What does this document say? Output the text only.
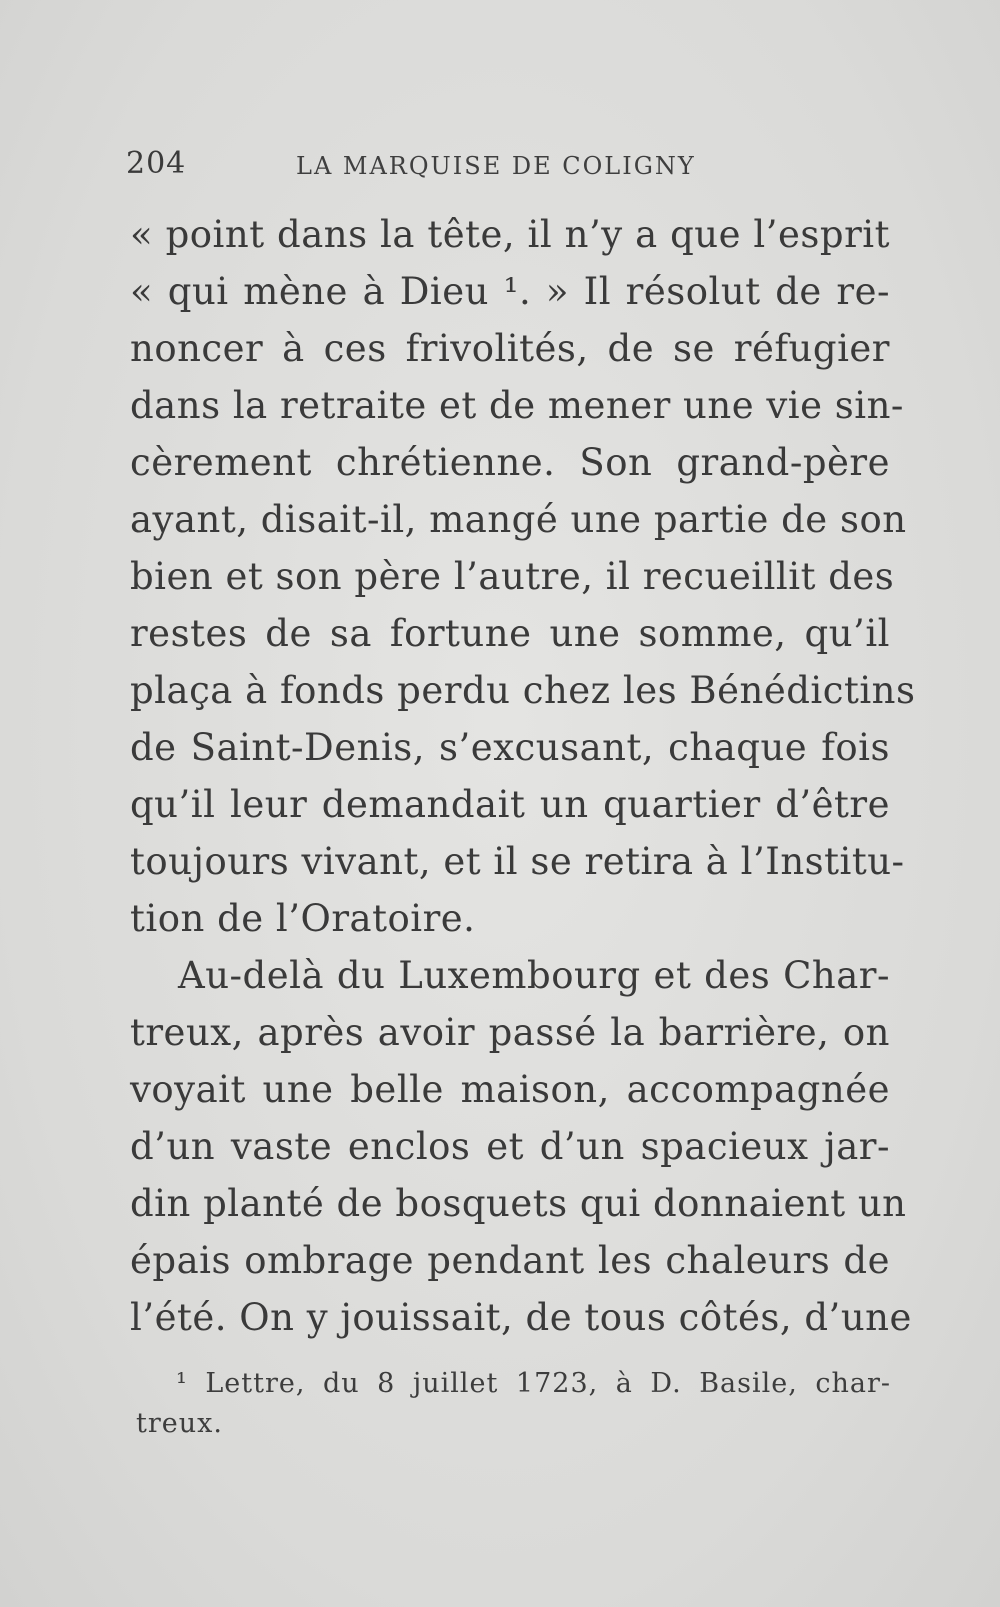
204	LA MARQUISE DE COLIGNY
« point dans la tête, il n’y a que l’esprit
« qui mène à Dieu ¹. » Il résolut de re-
noncer à ces frivolités, de se réfugier
dans la retraite et de mener une vie sin-
cèrement chrétienne. Son grand-père
ayant, disait-il, mangé une partie de son
bien et son père l’autre, il recueillit des
restes de sa fortune une somme, qu’il
plaça à fonds perdu chez les Bénédictins
de Saint-Denis, s’excusant, chaque fois
qu’il leur demandait un quartier d’être
toujours vivant, et il se retira à l’Institu-
tion de l’Oratoire.
Au-delà du Luxembourg et des Char-
treux, après avoir passé la barrière, on
voyait une belle maison, accompagnée
d’un vaste enclos et d’un spacieux jar-
din planté de bosquets qui donnaient un
épais ombrage pendant les chaleurs de
l’été. On y jouissait, de tous côtés, d’une
¹ Lettre, du 8 juillet 1723, à D. Basile, char-
treux.
